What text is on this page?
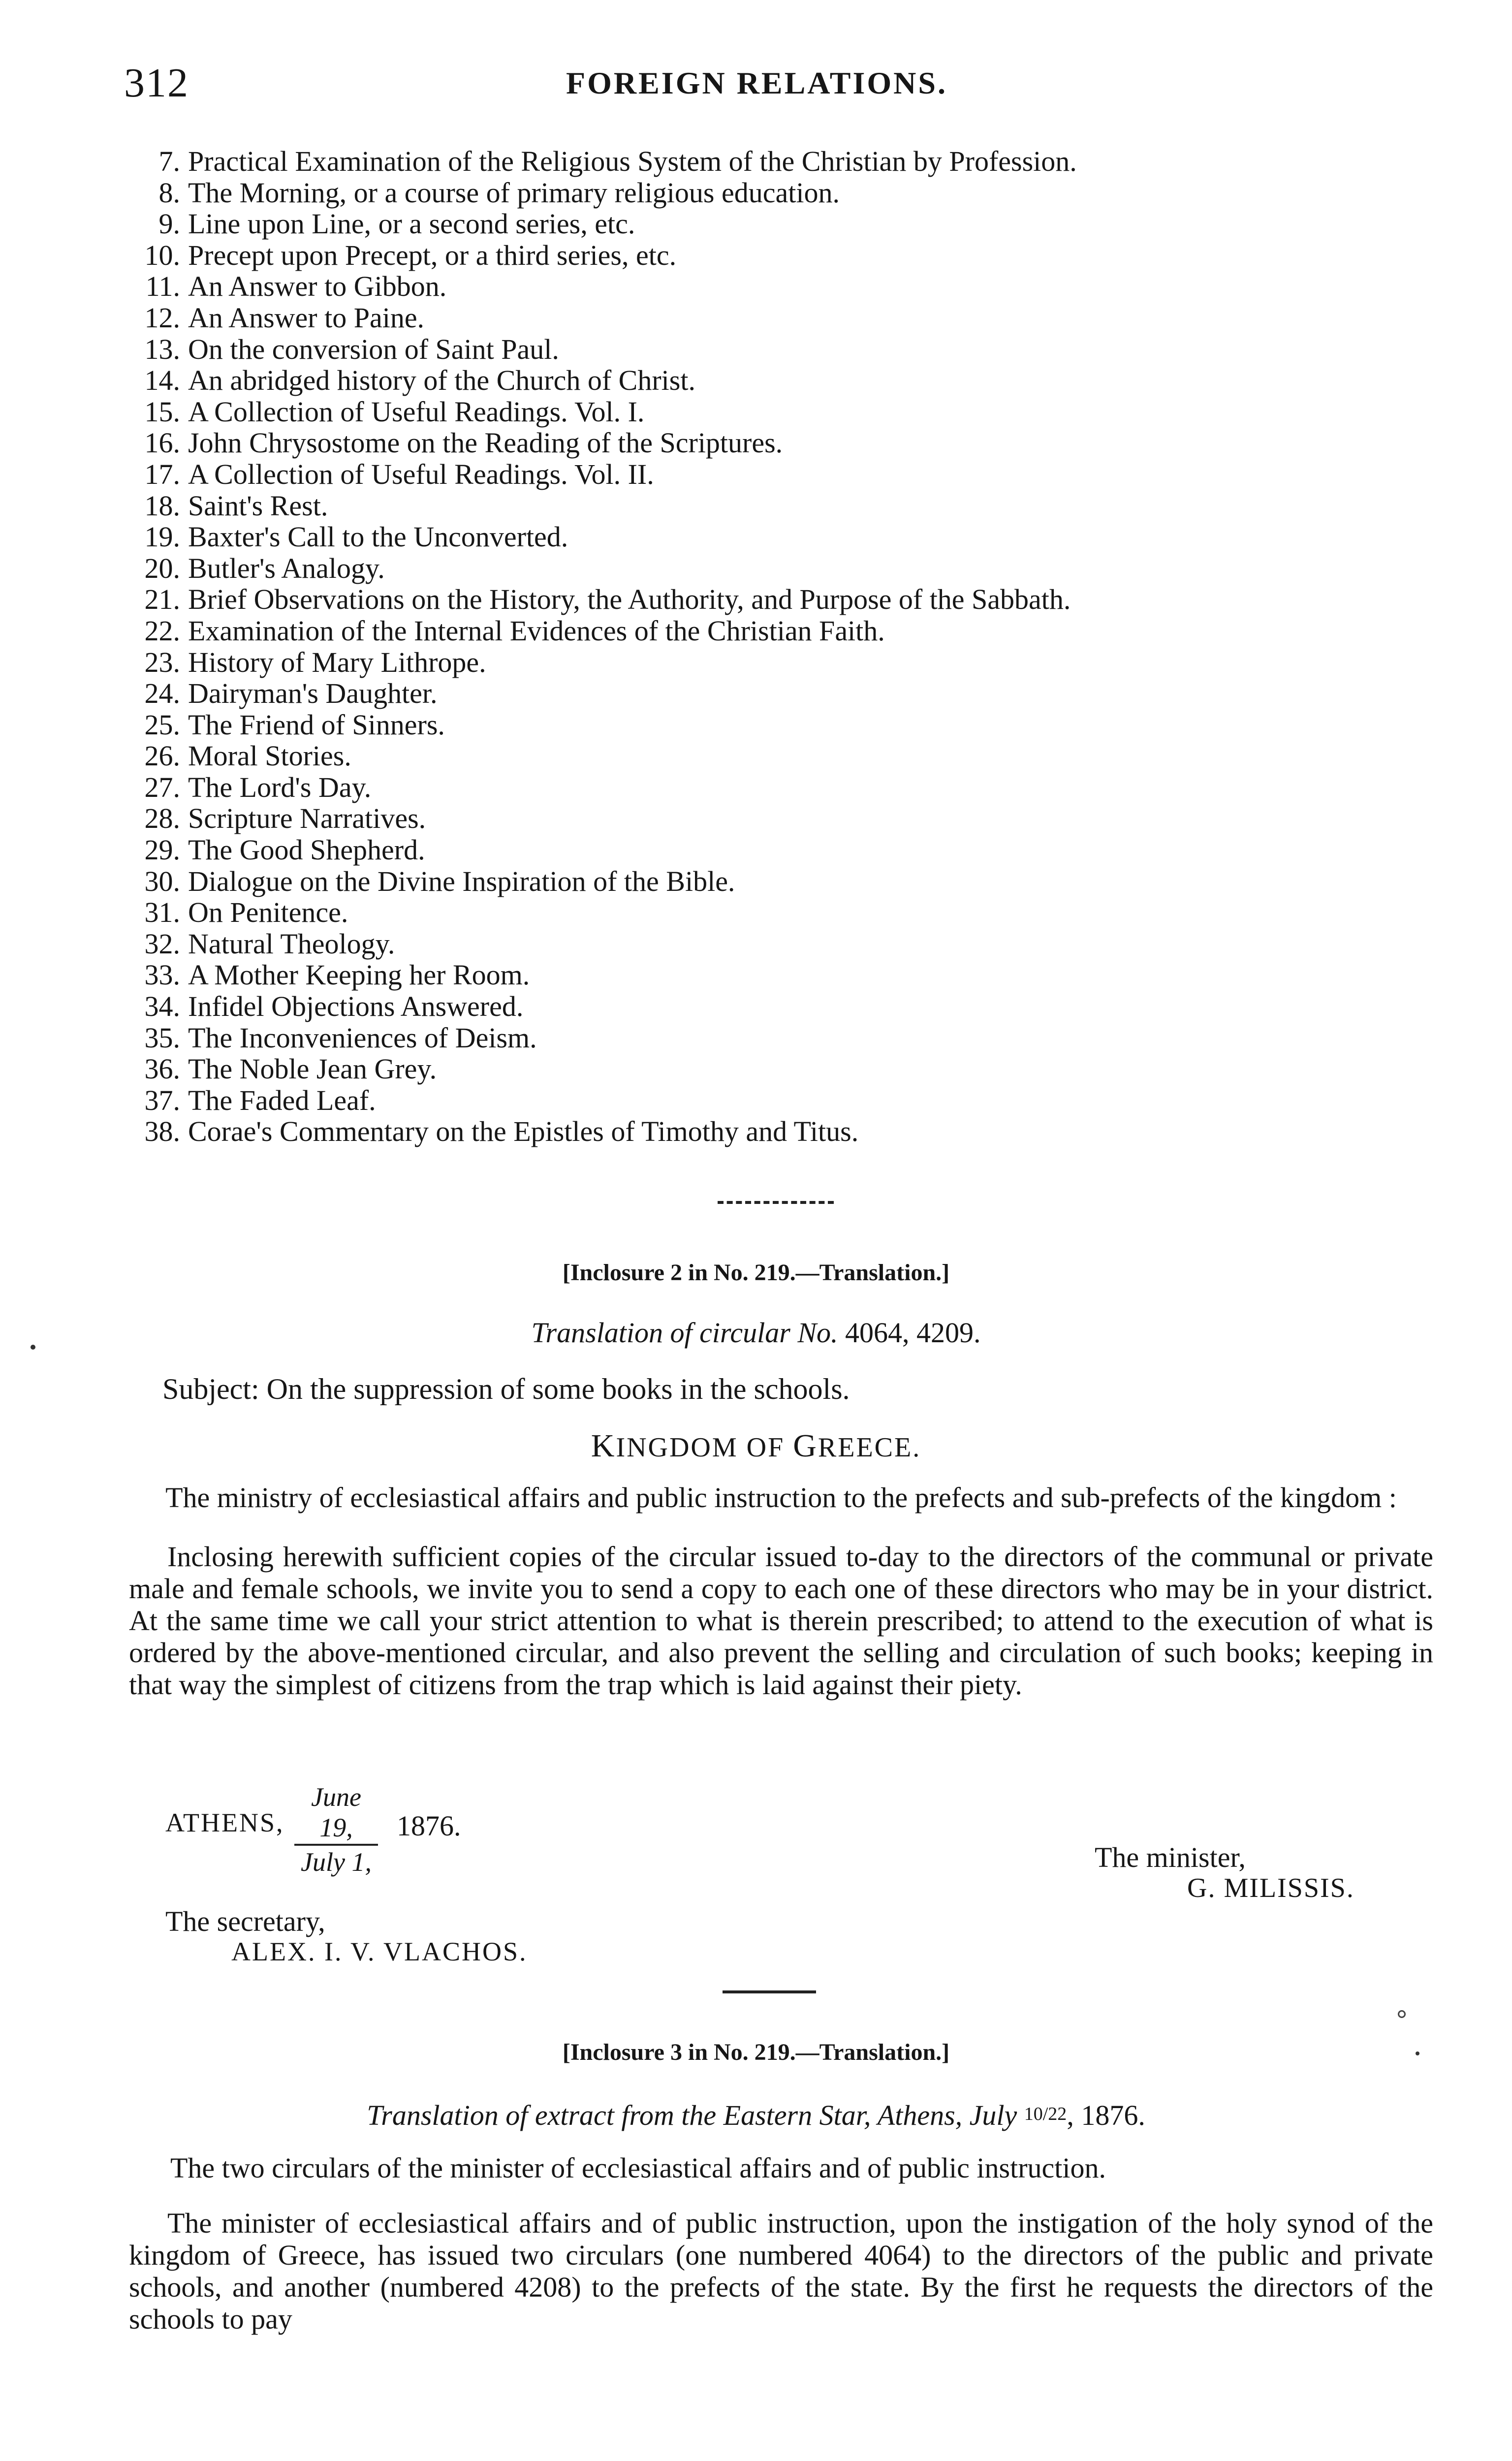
312	FOREIGN RELATIONS.
7. Practical Examination of the Religious System of the Christian by Profession.
8. The Morning, or a course of primary religious education.
9. Line upon Line, or a second series, etc.
10. Precept upon Precept, or a third series, etc.
11. An Answer to Gibbon.
12. An Answer to Paine.
13. On the conversion of Saint Paul.
14. An abridged history of the Church of Christ.
15. A Collection of Useful Readings. Vol. I.
16. John Chrysostome on the Reading of the Scriptures.
17. A Collection of Useful Readings. Vol. II.
18. Saint's Rest.
19. Baxter's Call to the Unconverted.
20. Butler's Analogy.
21. Brief Observations on the History, the Authority, and Purpose of the Sabbath.
22. Examination of the Internal Evidences of the Christian Faith.
23. History of Mary Lithrope.
24. Dairyman's Daughter.
25. The Friend of Sinners.
26. Moral Stories.
27. The Lord's Day.
28. Scripture Narratives.
29. The Good Shepherd.
30. Dialogue on the Divine Inspiration of the Bible.
31. On Penitence.
32. Natural Theology.
33. A Mother Keeping her Room.
34. Infidel Objections Answered.
35. The Inconveniences of Deism.
36. The Noble Jean Grey.
37. The Faded Leaf.
38. Corae's Commentary on the Epistles of Timothy and Titus.
[Inclosure 2 in No. 219.—Translation.]
Translation of circular No. 4064, 4209.
Subject: On the suppression of some books in the schools.
KINGDOM OF GREECE.
The ministry of ecclesiastical affairs and public instruction to the prefects and sub-prefects of the kingdom :

Inclosing herewith sufficient copies of the circular issued to-day to the directors of the communal or private male and female schools, we invite you to send a copy to each one of these directors who may be in your district. At the same time we call your strict attention to what is therein prescribed; to attend to the execution of what is ordered by the above-mentioned circular, and also prevent the selling and circulation of such books; keeping in that way the simplest of citizens from the trap which is laid against their piety.

ATHENS,
June 19,
July 1,
1876.
The minister,
G. MILISSIS.
The secretary,
ALEX. I. V. VLACHOS.
[Inclosure 3 in No. 219.—Translation.]
Translation of extract from the Eastern Star, Athens, July 10/22, 1876.

The two circulars of the minister of ecclesiastical affairs and of public instruction.

The minister of ecclesiastical affairs and of public instruction, upon the instigation of the holy synod of the kingdom of Greece, has issued two circulars (one numbered 4064) to the directors of the public and private schools, and another (numbered 4208) to the prefects of the state. By the first he requests the directors of the schools to pay
